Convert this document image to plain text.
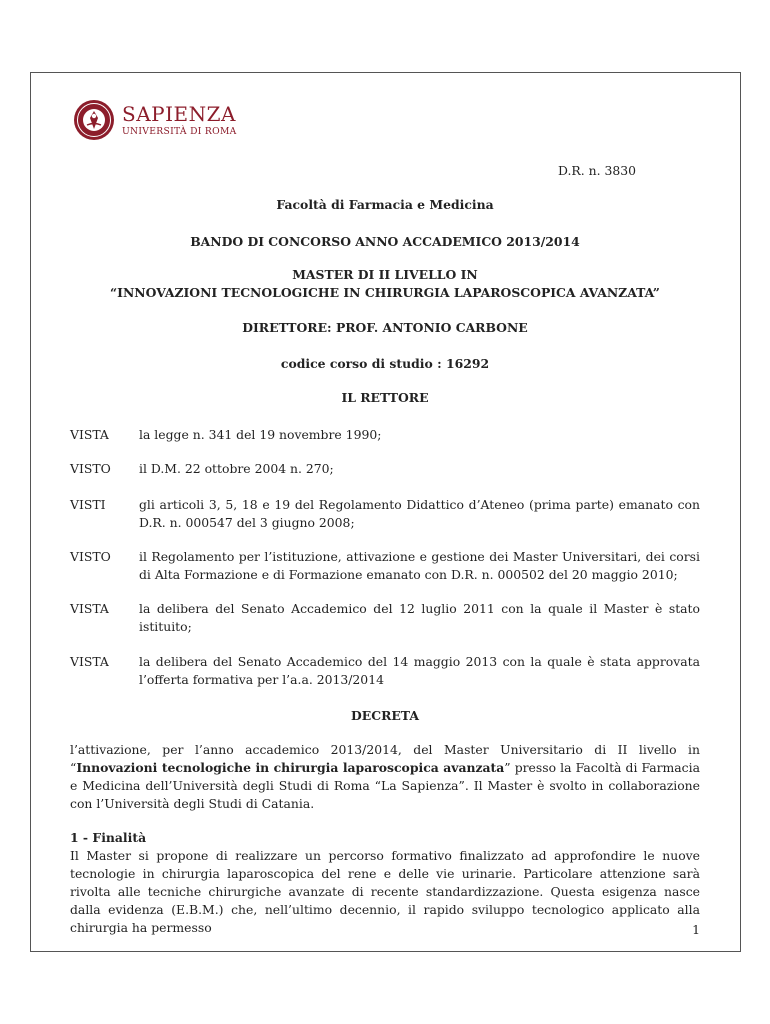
SAPIENZA
UNIVERSITÀ DI ROMA
D.R. n. 3830
Facoltà di Farmacia e Medicina
BANDO DI CONCORSO ANNO ACCADEMICO 2013/2014
MASTER DI II LIVELLO IN
“INNOVAZIONI TECNOLOGICHE IN CHIRURGIA LAPAROSCOPICA AVANZATA”
DIRETTORE: PROF. ANTONIO CARBONE
codice corso di studio : 16292
IL RETTORE
VISTA	la legge n. 341 del 19 novembre 1990;
VISTO	il D.M. 22 ottobre 2004 n. 270;
VISTI	gli articoli 3, 5, 18 e 19 del Regolamento Didattico d’Ateneo (prima parte) emanato con D.R. n. 000547 del 3 giugno 2008;
VISTO	il Regolamento per l’istituzione, attivazione e gestione dei Master Universitari, dei corsi di Alta Formazione e di Formazione emanato con D.R. n. 000502 del 20 maggio 2010;
VISTA	la delibera del Senato Accademico del 12 luglio 2011 con la quale il Master è stato istituito;
VISTA	la delibera del Senato Accademico del 14 maggio 2013 con la quale è stata approvata l’offerta formativa per l’a.a. 2013/2014
DECRETA
l’attivazione, per l’anno accademico 2013/2014, del Master Universitario di II livello in “Innovazioni tecnologiche in chirurgia laparoscopica avanzata” presso la Facoltà di Farmacia e Medicina dell’Università degli Studi di Roma “La Sapienza”. Il Master è svolto in collaborazione con l’Università degli Studi di Catania.
1 - Finalità
Il Master si propone di realizzare un percorso formativo finalizzato ad approfondire le nuove tecnologie in chirurgia laparoscopica del rene e delle vie urinarie. Particolare attenzione sarà rivolta alle tecniche chirurgiche avanzate di recente standardizzazione. Questa esigenza nasce dalla evidenza (E.B.M.) che, nell’ultimo decennio, il rapido sviluppo tecnologico applicato alla chirurgia ha permesso	1
